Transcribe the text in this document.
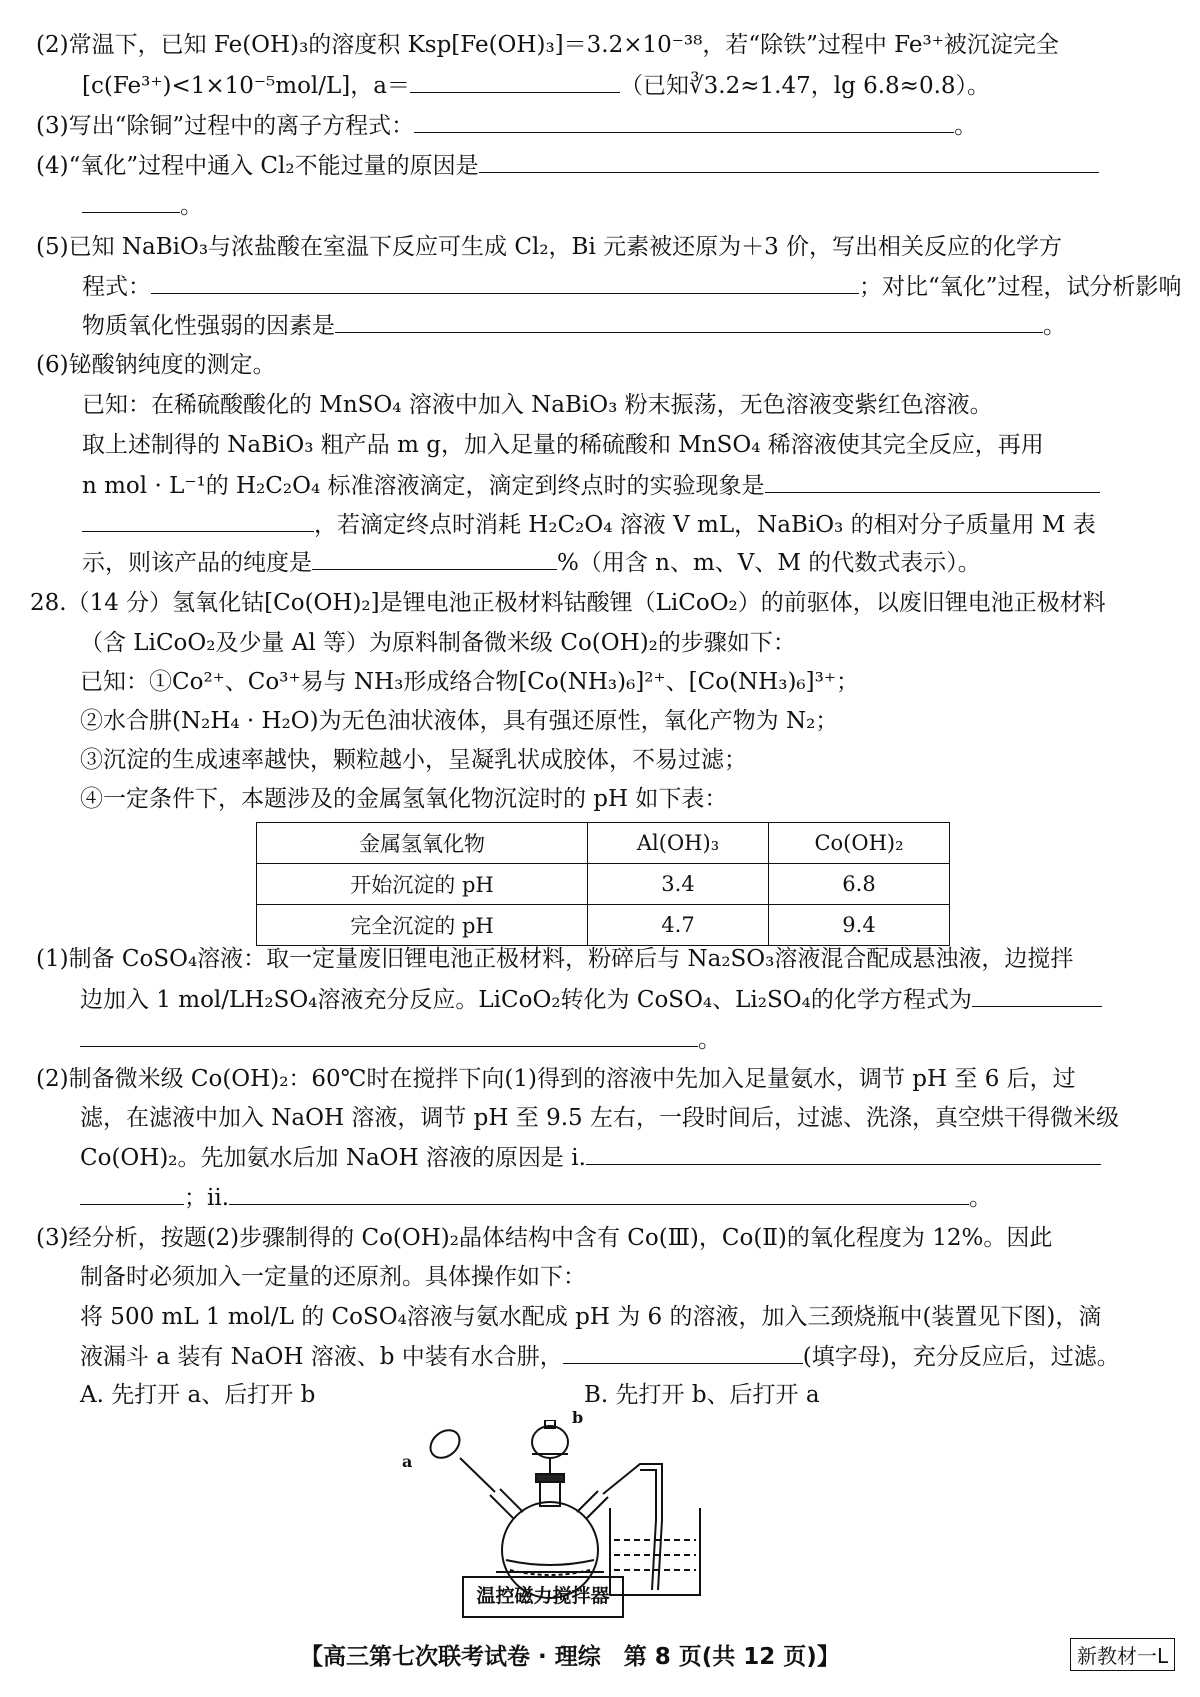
(2)常温下，已知 Fe(OH)₃的溶度积 Ksp[Fe(OH)₃]＝3.2×10⁻³⁸，若“除铁”过程中 Fe³⁺被沉淀完全
[c(Fe³⁺)<1×10⁻⁵mol/L]，a＝	（已知∛3.2≈1.47，lg 6.8≈0.8）。
(3)写出“除铜”过程中的离子方程式：	。
(4)“氧化”过程中通入 Cl₂不能过量的原因是
。
(5)已知 NaBiO₃与浓盐酸在室温下反应可生成 Cl₂，Bi 元素被还原为＋3 价，写出相关反应的化学方
程式：	；对比“氧化”过程，试分析影响
物质氧化性强弱的因素是	。
(6)铋酸钠纯度的测定。
已知：在稀硫酸酸化的 MnSO₄ 溶液中加入 NaBiO₃ 粉末振荡，无色溶液变紫红色溶液。
取上述制得的 NaBiO₃ 粗产品 m g，加入足量的稀硫酸和 MnSO₄ 稀溶液使其完全反应，再用
n mol · L⁻¹的 H₂C₂O₄ 标准溶液滴定，滴定到终点时的实验现象是
，若滴定终点时消耗 H₂C₂O₄ 溶液 V mL，NaBiO₃ 的相对分子质量用 M 表
示，则该产品的纯度是	%（用含 n、m、V、M 的代数式表示）。
28.（14 分）氢氧化钴[Co(OH)₂]是锂电池正极材料钴酸锂（LiCoO₂）的前驱体，以废旧锂电池正极材料
（含 LiCoO₂及少量 Al 等）为原料制备微米级 Co(OH)₂的步骤如下：
已知：①Co²⁺、Co³⁺易与 NH₃形成络合物[Co(NH₃)₆]²⁺、[Co(NH₃)₆]³⁺；
②水合肼(N₂H₄ · H₂O)为无色油状液体，具有强还原性，氧化产物为 N₂；
③沉淀的生成速率越快，颗粒越小，呈凝乳状成胶体，不易过滤；
④一定条件下，本题涉及的金属氢氧化物沉淀时的 pH 如下表：
金属氢氧化物	Al(OH)₃	Co(OH)₂
开始沉淀的 pH	3.4	6.8
完全沉淀的 pH	4.7	9.4
(1)制备 CoSO₄溶液：取一定量废旧锂电池正极材料，粉碎后与 Na₂SO₃溶液混合配成悬浊液，边搅拌
边加入 1 mol/LH₂SO₄溶液充分反应。LiCoO₂转化为 CoSO₄、Li₂SO₄的化学方程式为
。
(2)制备微米级 Co(OH)₂：60℃时在搅拌下向(1)得到的溶液中先加入足量氨水，调节 pH 至 6 后，过
滤，在滤液中加入 NaOH 溶液，调节 pH 至 9.5 左右，一段时间后，过滤、洗涤，真空烘干得微米级
Co(OH)₂。先加氨水后加 NaOH 溶液的原因是 i.
；ii.	。
(3)经分析，按题(2)步骤制得的 Co(OH)₂晶体结构中含有 Co(Ⅲ)，Co(Ⅱ)的氧化程度为 12%。因此
制备时必须加入一定量的还原剂。具体操作如下：
将 500 mL 1 mol/L 的 CoSO₄溶液与氨水配成 pH 为 6 的溶液，加入三颈烧瓶中(装置见下图)，滴
液漏斗 a 装有 NaOH 溶液、b 中装有水合肼，	(填字母)，充分反应后，过滤。
A. 先打开 a、后打开 b	B. 先打开 b、后打开 a
a
b
温控磁力搅拌器
【高三第七次联考试卷 · 理综　第 8 页(共 12 页)】	新教材一L
